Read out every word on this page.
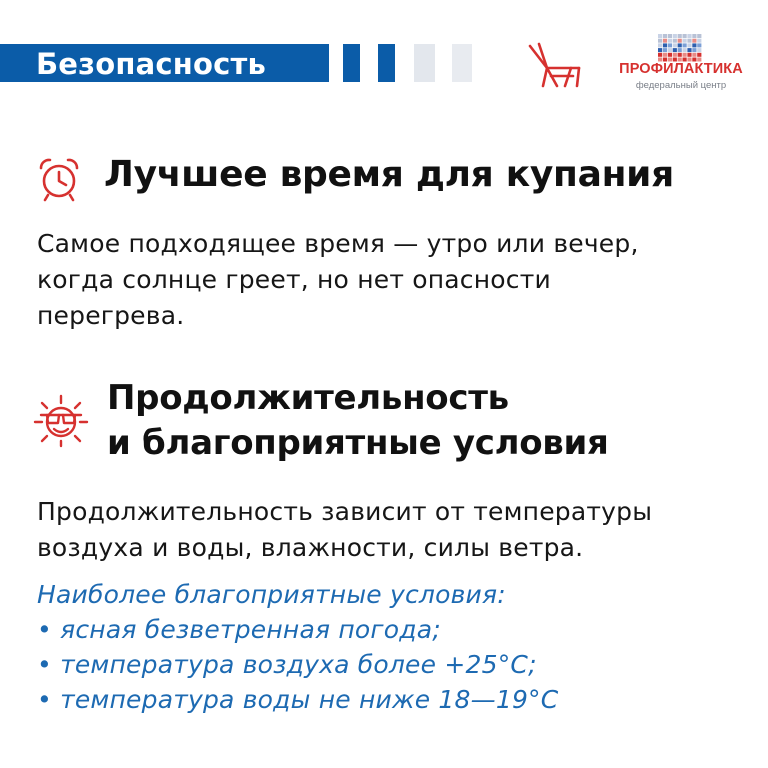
Безопасность	ПРОФИЛАКТИКА
федеральный центр
Лучшее время для купания
Самое подходящее время — утро или вечер,
когда солнце греет, но нет опасности
перегрева.
Продолжительность
и благоприятные условия
Продолжительность зависит от температуры
воздуха и воды, влажности, силы ветра.
Наиболее благоприятные условия:
• ясная безветренная погода;
• температура воздуха более +25°С;
• температура воды не ниже 18—19°С
